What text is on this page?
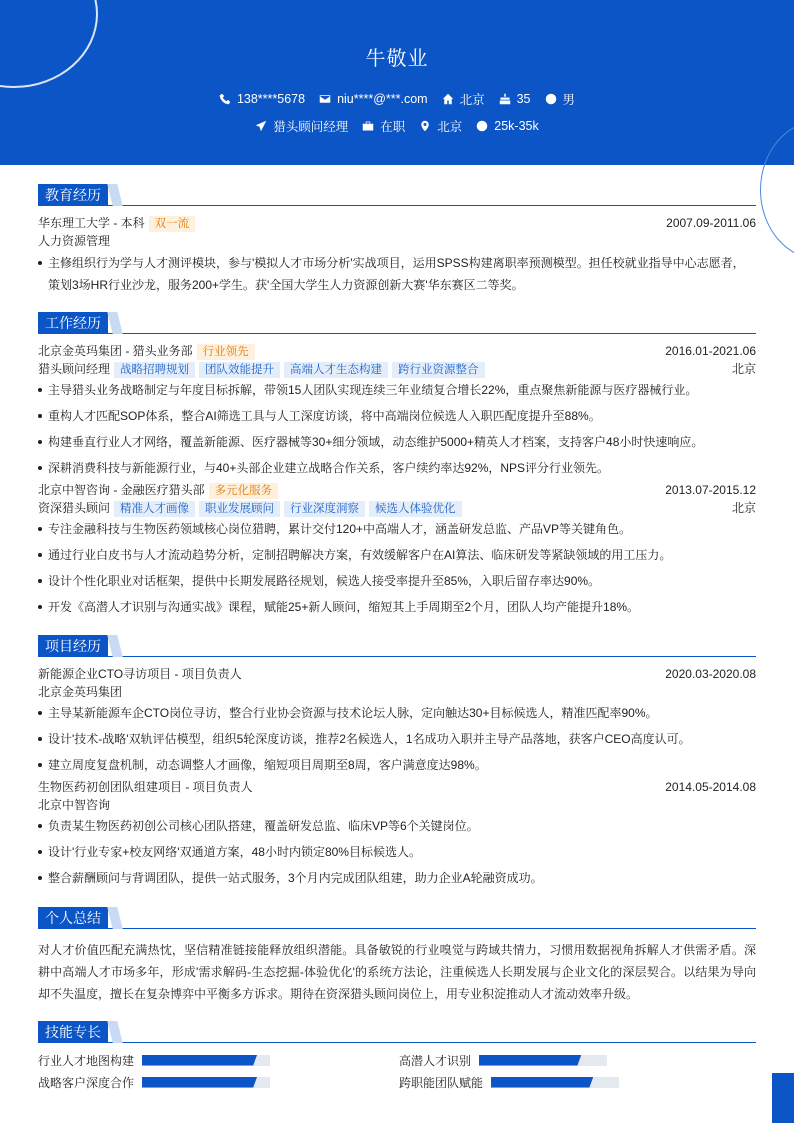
牛敬业
138****5678	niu****@***.com	北京	35	男
猎头顾问经理	在职	北京	25k-35k
教育经历
华东理工大学 - 本科 双一流	2007.09-2011.06
人力资源管理
主修组织行为学与人才测评模块，参与'模拟人才市场分析'实战项目，运用SPSS构建离职率预测模型。担任校就业指导中心志愿者，策划3场HR行业沙龙，服务200+学生。获'全国大学生人力资源创新大赛'华东赛区二等奖。
工作经历
北京金英玛集团 - 猎头业务部 行业领先	2016.01-2021.06
猎头顾问经理 战略招聘规划 团队效能提升 高端人才生态构建 跨行业资源整合	北京
主导猎头业务战略制定与年度目标拆解，带领15人团队实现连续三年业绩复合增长22%，重点聚焦新能源与医疗器械行业。
重构人才匹配SOP体系，整合AI筛选工具与人工深度访谈，将中高端岗位候选人入职匹配度提升至88%。
构建垂直行业人才网络，覆盖新能源、医疗器械等30+细分领域，动态维护5000+精英人才档案，支持客户48小时快速响应。
深耕消费科技与新能源行业，与40+头部企业建立战略合作关系，客户续约率达92%，NPS评分行业领先。
北京中智咨询 - 金融医疗猎头部 多元化服务	2013.07-2015.12
资深猎头顾问 精准人才画像 职业发展顾问 行业深度洞察 候选人体验优化	北京
专注金融科技与生物医药领域核心岗位猎聘，累计交付120+中高端人才，涵盖研发总监、产品VP等关键角色。
通过行业白皮书与人才流动趋势分析，定制招聘解决方案，有效缓解客户在AI算法、临床研发等紧缺领域的用工压力。
设计个性化职业对话框架，提供中长期发展路径规划，候选人接受率提升至85%，入职后留存率达90%。
开发《高潜人才识别与沟通实战》课程，赋能25+新人顾问，缩短其上手周期至2个月，团队人均产能提升18%。
项目经历
新能源企业CTO寻访项目 - 项目负责人	2020.03-2020.08
北京金英玛集团
主导某新能源车企CTO岗位寻访，整合行业协会资源与技术论坛人脉，定向触达30+目标候选人，精准匹配率90%。
设计'技术-战略'双轨评估模型，组织5轮深度访谈，推荐2名候选人，1名成功入职并主导产品落地，获客户CEO高度认可。
建立周度复盘机制，动态调整人才画像，缩短项目周期至8周，客户满意度达98%。
生物医药初创团队组建项目 - 项目负责人	2014.05-2014.08
北京中智咨询
负责某生物医药初创公司核心团队搭建，覆盖研发总监、临床VP等6个关键岗位。
设计'行业专家+校友网络'双通道方案，48小时内锁定80%目标候选人。
整合薪酬顾问与背调团队，提供一站式服务，3个月内完成团队组建，助力企业A轮融资成功。
个人总结
对人才价值匹配充满热忱，坚信精准链接能释放组织潜能。具备敏锐的行业嗅觉与跨域共情力，习惯用数据视角拆解人才供需矛盾。深耕中高端人才市场多年，形成'需求解码-生态挖掘-体验优化'的系统方法论，注重候选人长期发展与企业文化的深层契合。以结果为导向却不失温度，擅长在复杂博弈中平衡多方诉求。期待在资深猎头顾问岗位上，用专业积淀推动人才流动效率升级。
技能专长
行业人才地图构建	高潜人才识别
战略客户深度合作	跨职能团队赋能
